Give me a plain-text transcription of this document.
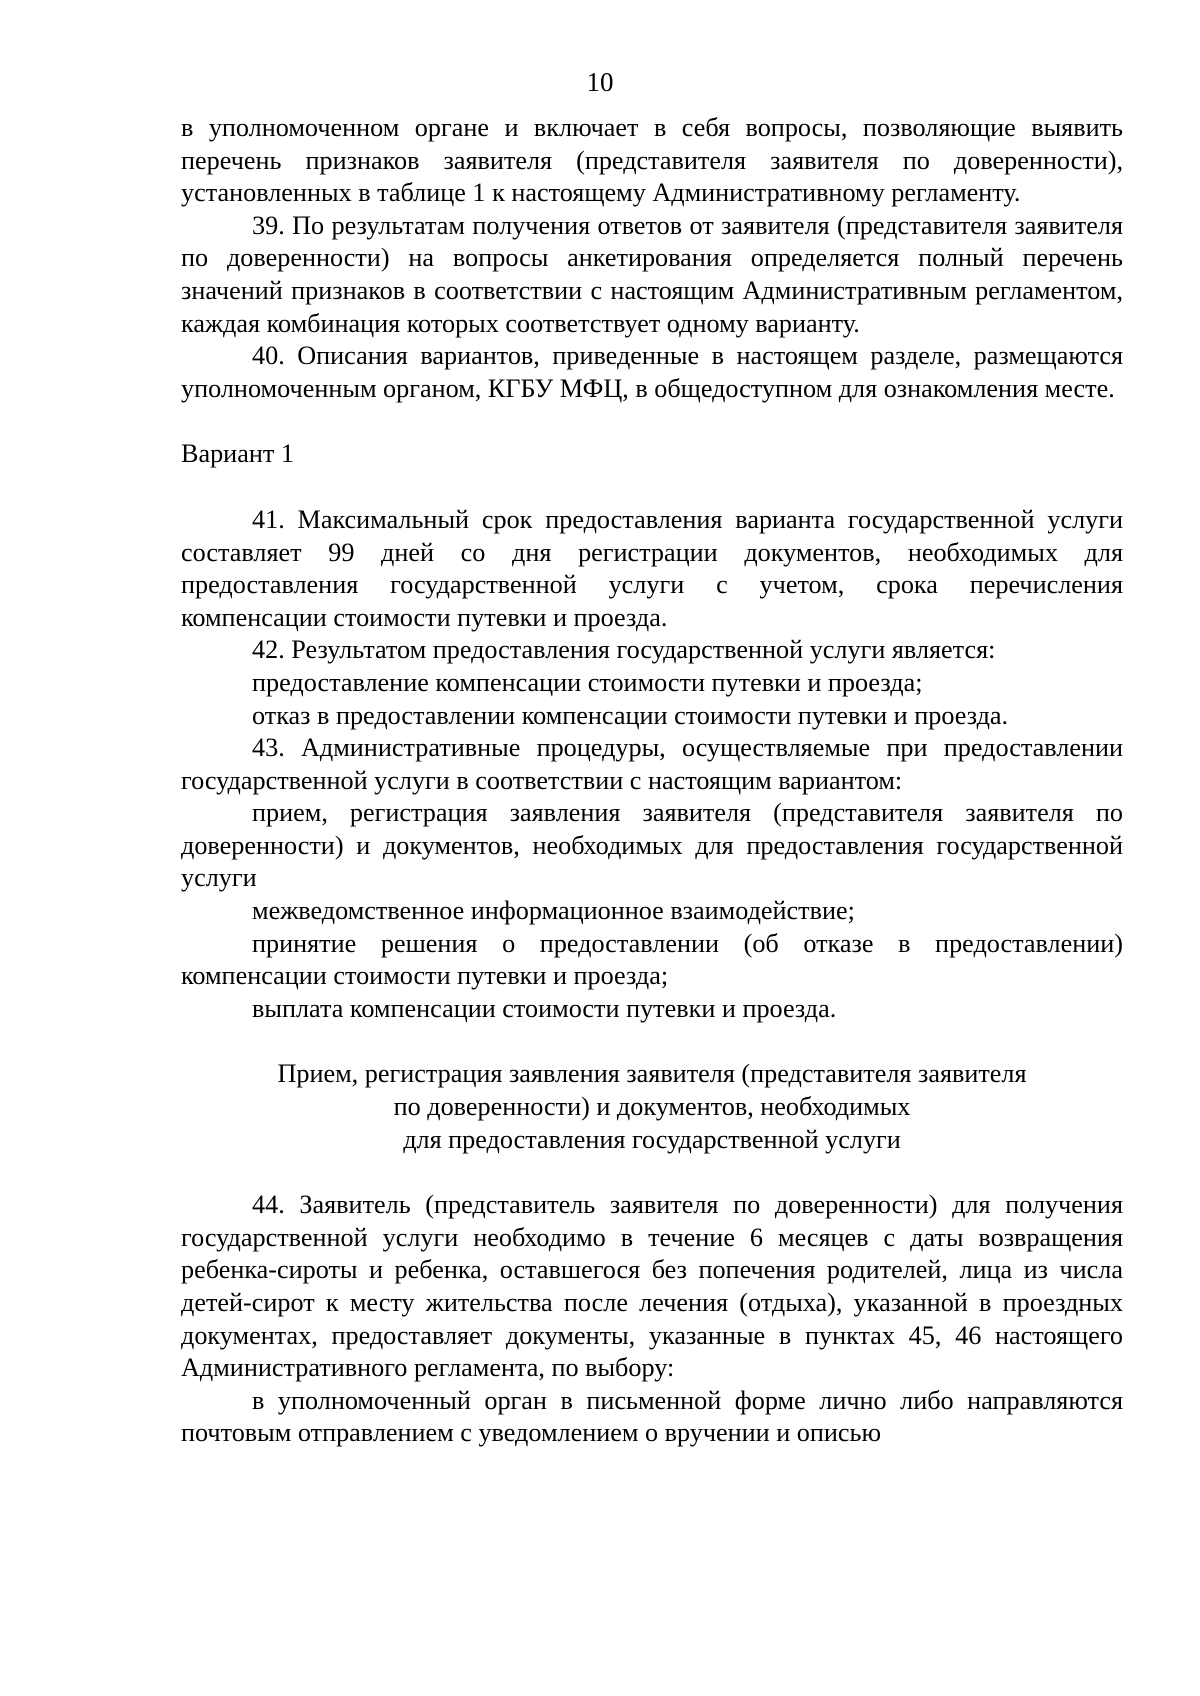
10

в уполномоченном органе и включает в себя вопросы, позволяющие выявить перечень признаков заявителя (представителя заявителя по доверенности), установленных в таблице 1 к настоящему Административному регламенту.

39. По результатам получения ответов от заявителя (представителя заявителя по доверенности) на вопросы анкетирования определяется полный перечень значений признаков в соответствии с настоящим Административным регламентом, каждая комбинация которых соответствует одному варианту.

40. Описания вариантов, приведенные в настоящем разделе, размещаются уполномоченным органом, КГБУ МФЦ, в общедоступном для ознакомления месте.

Вариант 1

41. Максимальный срок предоставления варианта государственной услуги составляет 99 дней со дня регистрации документов, необходимых для предоставления государственной услуги с учетом, срока перечисления компенсации стоимости путевки и проезда.

42. Результатом предоставления государственной услуги является:

предоставление компенсации стоимости путевки и проезда;

отказ в предоставлении компенсации стоимости путевки и проезда.

43. Административные процедуры, осуществляемые при предоставлении государственной услуги в соответствии с настоящим вариантом:

прием, регистрация заявления заявителя (представителя заявителя по доверенности) и документов, необходимых для предоставления государственной услуги

межведомственное информационное взаимодействие;

принятие решения о предоставлении (об отказе в предоставлении) компенсации стоимости путевки и проезда;

выплата компенсации стоимости путевки и проезда.

Прием, регистрация заявления заявителя (представителя заявителя
по доверенности) и документов, необходимых
для предоставления государственной услуги

44. Заявитель (представитель заявителя по доверенности) для получения государственной услуги необходимо в течение 6 месяцев с даты возвращения ребенка-сироты и ребенка, оставшегося без попечения родителей, лица из числа детей-сирот к месту жительства после лечения (отдыха), указанной в проездных документах, предоставляет документы, указанные в пунктах 45, 46 настоящего Административного регламента, по выбору:

в уполномоченный орган в письменной форме лично либо направляются почтовым отправлением с уведомлением о вручении и описью
